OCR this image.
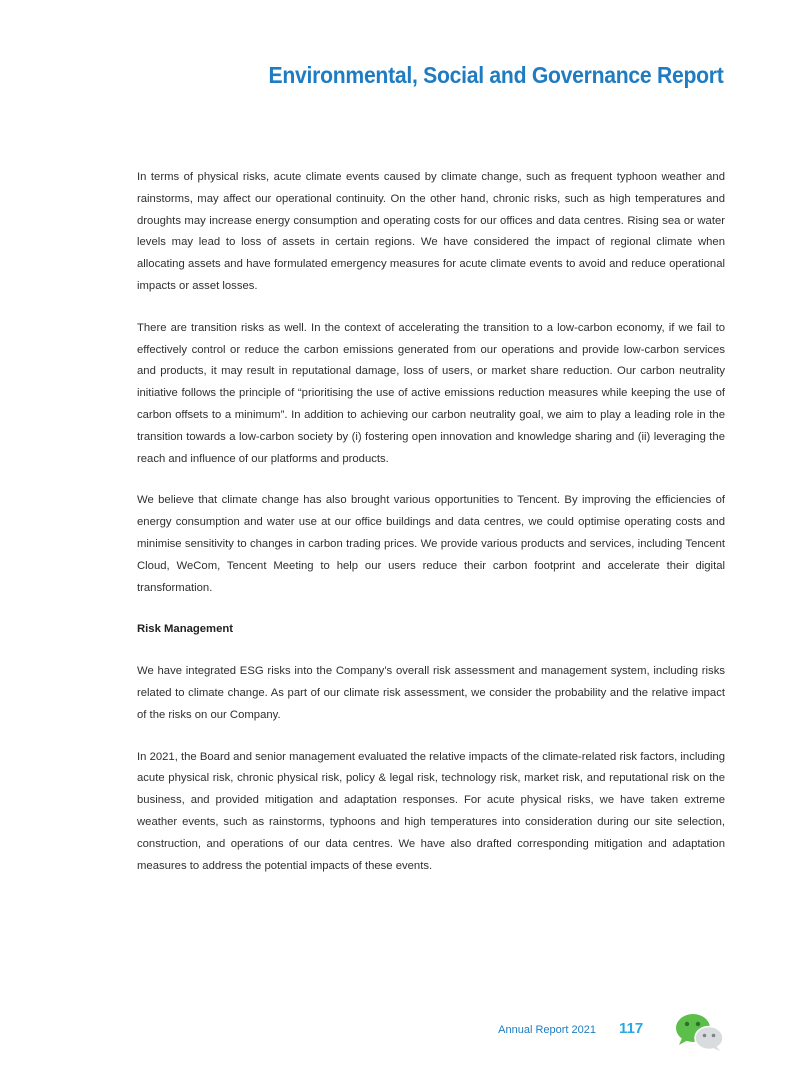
Environmental, Social and Governance Report

In terms of physical risks, acute climate events caused by climate change, such as frequent typhoon weather and rainstorms, may affect our operational continuity. On the other hand, chronic risks, such as high temperatures and droughts may increase energy consumption and operating costs for our offices and data centres. Rising sea or water levels may lead to loss of assets in certain regions. We have considered the impact of regional climate when allocating assets and have formulated emergency measures for acute climate events to avoid and reduce operational impacts or asset losses.

There are transition risks as well. In the context of accelerating the transition to a low-carbon economy, if we fail to effectively control or reduce the carbon emissions generated from our operations and provide low-carbon services and products, it may result in reputational damage, loss of users, or market share reduction. Our carbon neutrality initiative follows the principle of “prioritising the use of active emissions reduction measures while keeping the use of carbon offsets to a minimum”. In addition to achieving our carbon neutrality goal, we aim to play a leading role in the transition towards a low-carbon society by (i) fostering open innovation and knowledge sharing and (ii) leveraging the reach and influence of our platforms and products.

We believe that climate change has also brought various opportunities to Tencent. By improving the efficiencies of energy consumption and water use at our office buildings and data centres, we could optimise operating costs and minimise sensitivity to changes in carbon trading prices. We provide various products and services, including Tencent Cloud, WeCom, Tencent Meeting to help our users reduce their carbon footprint and accelerate their digital transformation.

Risk Management

We have integrated ESG risks into the Company’s overall risk assessment and management system, including risks related to climate change. As part of our climate risk assessment, we consider the probability and the relative impact of the risks on our Company.

In 2021, the Board and senior management evaluated the relative impacts of the climate-related risk factors, including acute physical risk, chronic physical risk, policy & legal risk, technology risk, market risk, and reputational risk on the business, and provided mitigation and adaptation responses. For acute physical risks, we have taken extreme weather events, such as rainstorms, typhoons and high temperatures into consideration during our site selection, construction, and operations of our data centres. We have also drafted corresponding mitigation and adaptation measures to address the potential impacts of these events.

Annual Report 2021 117
